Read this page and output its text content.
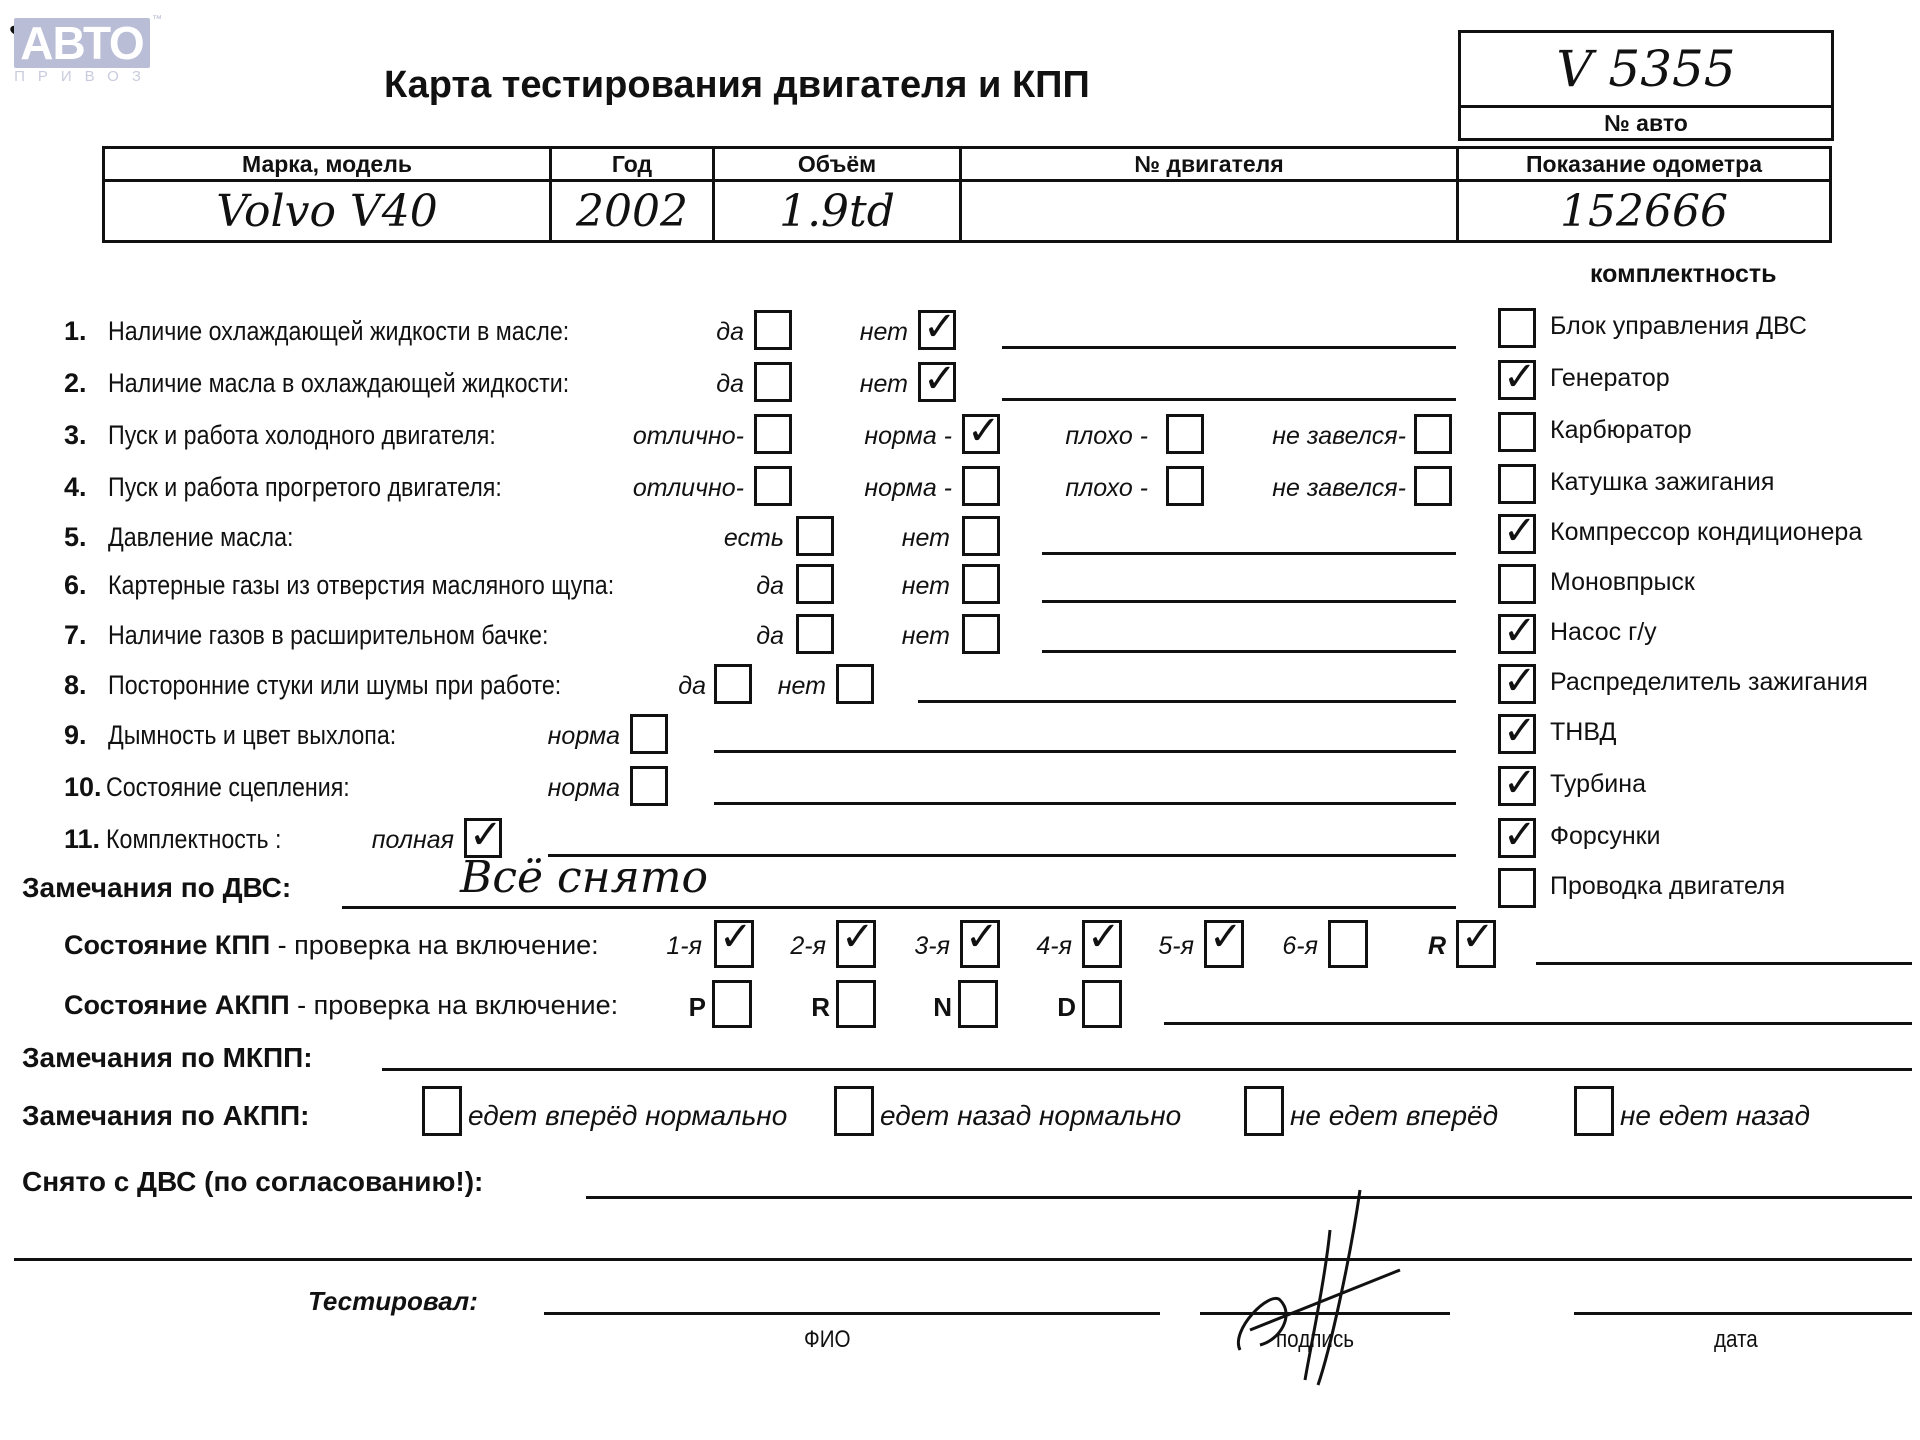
АВТО ™
ПРИВОЗ	Карта тестирования двигателя и КПП	V 5355
№ авто
Марка, модель	Год	Объём	№ двигателя	Показание одометра
Volvo V40	2002	1.9td		152666
комплектность
1. Наличие охлаждающей жидкости в масле:	да	нет ✓
2. Наличие масла в охлаждающей жидкости:	да	нет ✓
3. Пуск и работа холодного двигателя:	отлично-	норма - ✓	плохо -	не завелся-
4. Пуск и работа прогретого двигателя:	отлично-	норма -	плохо -	не завелся-
5. Давление масла:	есть	нет
6. Картерные газы из отверстия масляного щупа:	да	нет
7. Наличие газов в расширительном бачке:	да	нет
8. Посторонние стуки или шумы при работе:	да	нет
9. Дымность и цвет выхлопа:	норма
10. Состояние сцепления:	норма
11. Комплектность :	полная ✓
Блок управления ДВС
✓ Генератор
Карбюратор
Катушка зажигания
✓ Компрессор кондиционера
Моновпрыск
✓ Насос г/у
✓ Распределитель зажигания
✓ ТНВД
✓ Турбина
✓ Форсунки
Проводка двигателя
Замечания по ДВС:	Всё снято
Состояние КПП - проверка на включение:	1-я ✓ 2-я ✓ 3-я ✓ 4-я ✓ 5-я ✓ 6-я	R ✓
Состояние АКПП - проверка на включение:	P	R	N	D
Замечания по МКПП:
Замечания по АКПП:	едет вперёд нормально	едет назад нормально	не едет вперёд	не едет назад
Снято с ДВС (по согласованию!):
Тестировал:
ФИО	подпись	дата
